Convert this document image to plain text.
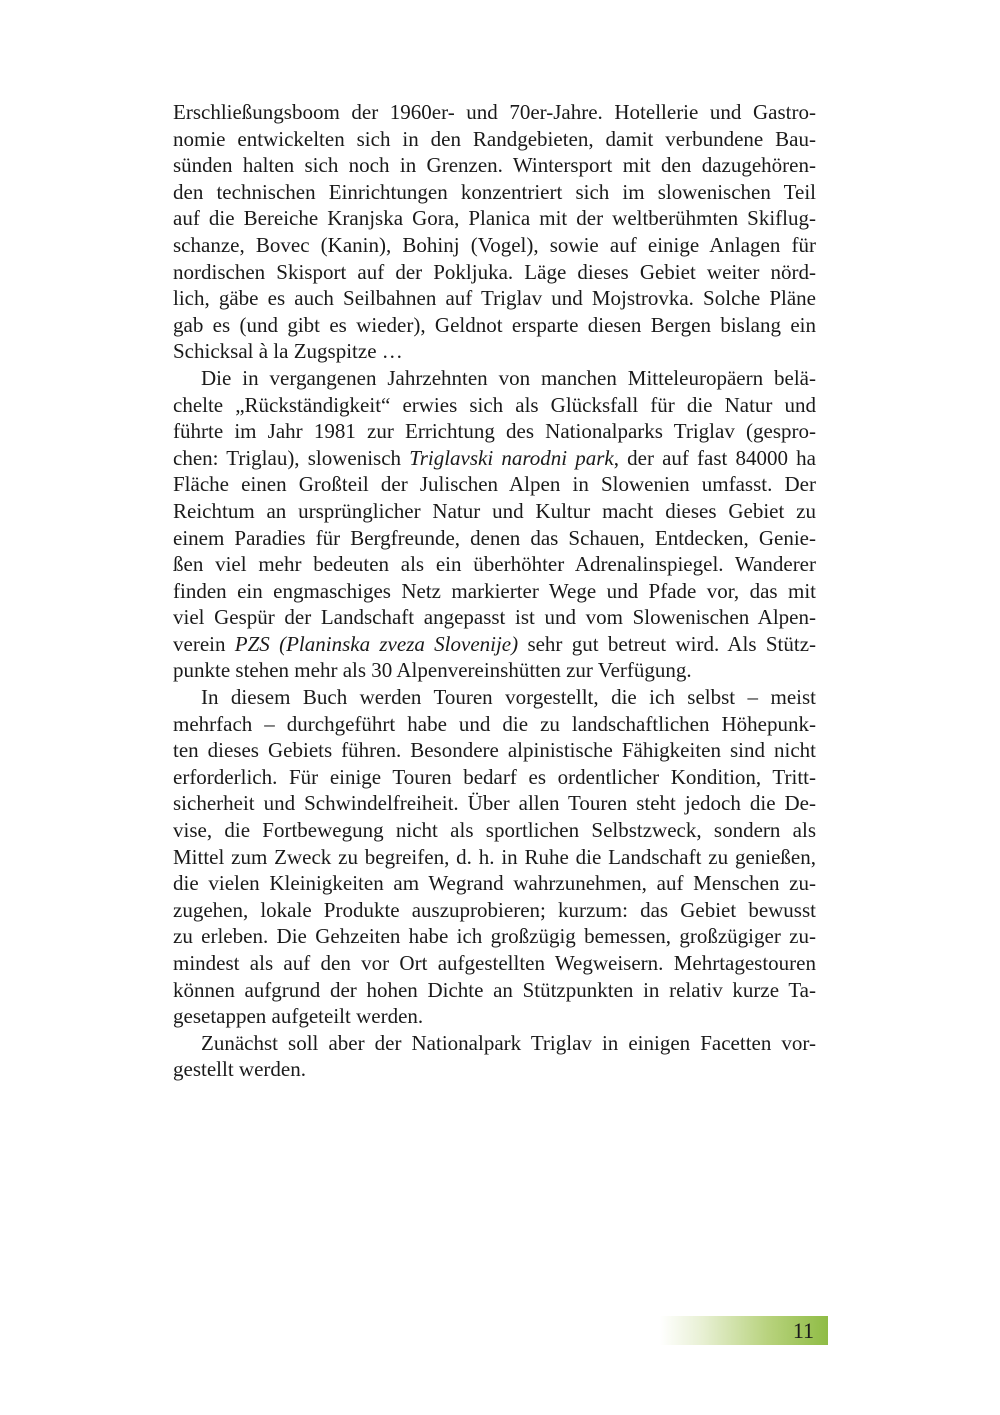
Erschließungsboom der 1960er- und 70er-Jahre. Hotellerie und Gastro-
nomie entwickelten sich in den Randgebieten, damit verbundene Bau-
sünden halten sich noch in Grenzen. Wintersport mit den dazugehören-
den technischen Einrichtungen konzentriert sich im slowenischen Teil
auf die Bereiche Kranjska Gora, Planica mit der weltberühmten Skiflug-
schanze, Bovec (Kanin), Bohinj (Vogel), sowie auf einige Anlagen für
nordischen Skisport auf der Pokljuka. Läge dieses Gebiet weiter nörd-
lich, gäbe es auch Seilbahnen auf Triglav und Mojstrovka. Solche Pläne
gab es (und gibt es wieder), Geldnot ersparte diesen Bergen bislang ein
Schicksal à la Zugspitze …
Die in vergangenen Jahrzehnten von manchen Mitteleuropäern belä-
chelte „Rückständigkeit“ erwies sich als Glücksfall für die Natur und
führte im Jahr 1981 zur Errichtung des Nationalparks Triglav (gespro-
chen: Triglau), slowenisch Triglavski narodni park, der auf fast 84000 ha
Fläche einen Großteil der Julischen Alpen in Slowenien umfasst. Der
Reichtum an ursprünglicher Natur und Kultur macht dieses Gebiet zu
einem Paradies für Bergfreunde, denen das Schauen, Entdecken, Genie-
ßen viel mehr bedeuten als ein überhöhter Adrenalinspiegel. Wanderer
finden ein engmaschiges Netz markierter Wege und Pfade vor, das mit
viel Gespür der Landschaft angepasst ist und vom Slowenischen Alpen-
verein PZS (Planinska zveza Slovenije) sehr gut betreut wird. Als Stütz-
punkte stehen mehr als 30 Alpenvereinshütten zur Verfügung.
In diesem Buch werden Touren vorgestellt, die ich selbst – meist
mehrfach – durchgeführt habe und die zu landschaftlichen Höhepunk-
ten dieses Gebiets führen. Besondere alpinistische Fähigkeiten sind nicht
erforderlich. Für einige Touren bedarf es ordentlicher Kondition, Tritt-
sicherheit und Schwindelfreiheit. Über allen Touren steht jedoch die De-
vise, die Fortbewegung nicht als sportlichen Selbstzweck, sondern als
Mittel zum Zweck zu begreifen, d. h. in Ruhe die Landschaft zu genießen,
die vielen Kleinigkeiten am Wegrand wahrzunehmen, auf Menschen zu-
zugehen, lokale Produkte auszuprobieren; kurzum: das Gebiet bewusst
zu erleben. Die Gehzeiten habe ich großzügig bemessen, großzügiger zu-
mindest als auf den vor Ort aufgestellten Wegweisern. Mehrtagestouren
können aufgrund der hohen Dichte an Stützpunkten in relativ kurze Ta-
gesetappen aufgeteilt werden.
Zunächst soll aber der Nationalpark Triglav in einigen Facetten vor-
gestellt werden.
11
